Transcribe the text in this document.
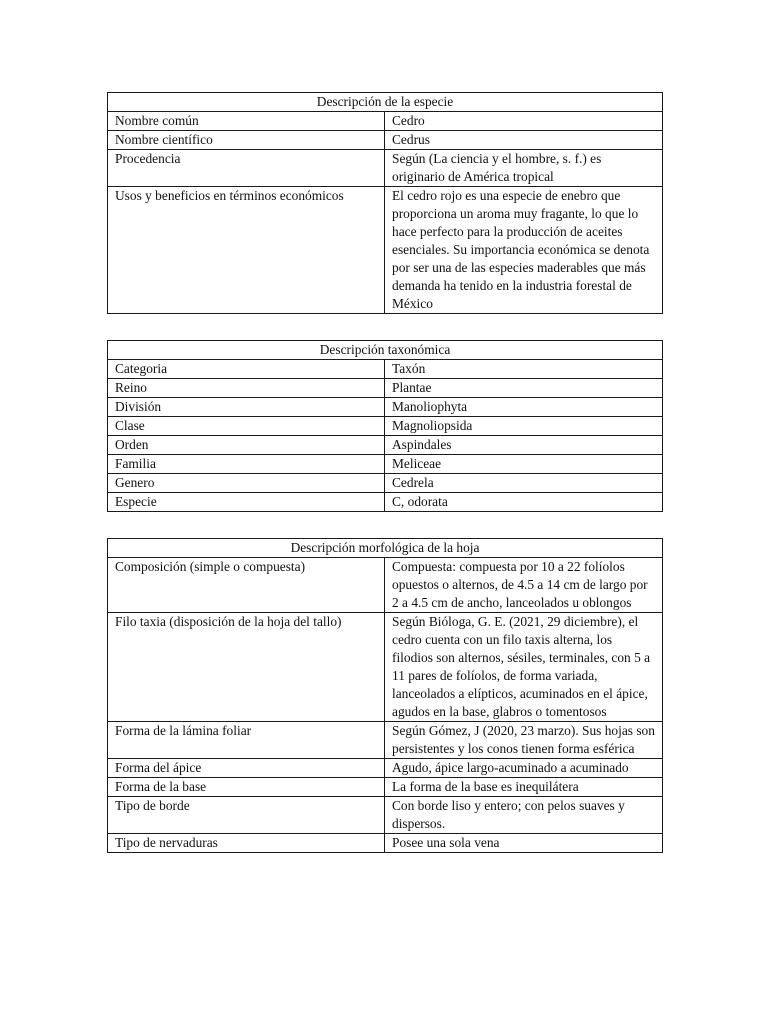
Descripción de la especie	
Nombre común	Cedro
Nombre científico	Cedrus
Procedencia	Según (La ciencia y el hombre, s. f.) es originario de América tropical
Usos y beneficios en términos económicos	El cedro rojo es una especie de enebro que proporciona un aroma muy fragante, lo que lo hace perfecto para la producción de aceites esenciales. Su importancia económica se denota por ser una de las especies maderables que más demanda ha tenido en la industria forestal de México
Descripción taxonómica	
Categoria	Taxón
Reino	Plantae
División	Manoliophyta
Clase	Magnoliopsida
Orden	Aspindales
Familia	Meliceae
Genero	Cedrela
Especie	C, odorata
Descripción morfológica de la hoja	
Composición (simple o compuesta)	Compuesta: compuesta por 10 a 22 folíolos opuestos o alternos, de 4.5 a 14 cm de largo por 2 a 4.5 cm de ancho, lanceolados u oblongos
Filo taxia (disposición de la hoja del tallo)	Según Bióloga, G. E. (2021, 29 diciembre), el cedro cuenta con un filo taxis alterna, los filodios son alternos, sésiles, terminales, con 5 a 11 pares de folíolos, de forma variada, lanceolados a elípticos, acuminados en el ápice, agudos en la base, glabros o tomentosos
Forma de la lámina foliar	Según Gómez, J (2020, 23 marzo). Sus hojas son persistentes y los conos tienen forma esférica
Forma del ápice	Agudo, ápice largo-acuminado a acuminado
Forma de la base	La forma de la base es inequilátera
Tipo de borde	Con borde liso y entero; con pelos suaves y dispersos.
Tipo de nervaduras	Posee una sola vena
